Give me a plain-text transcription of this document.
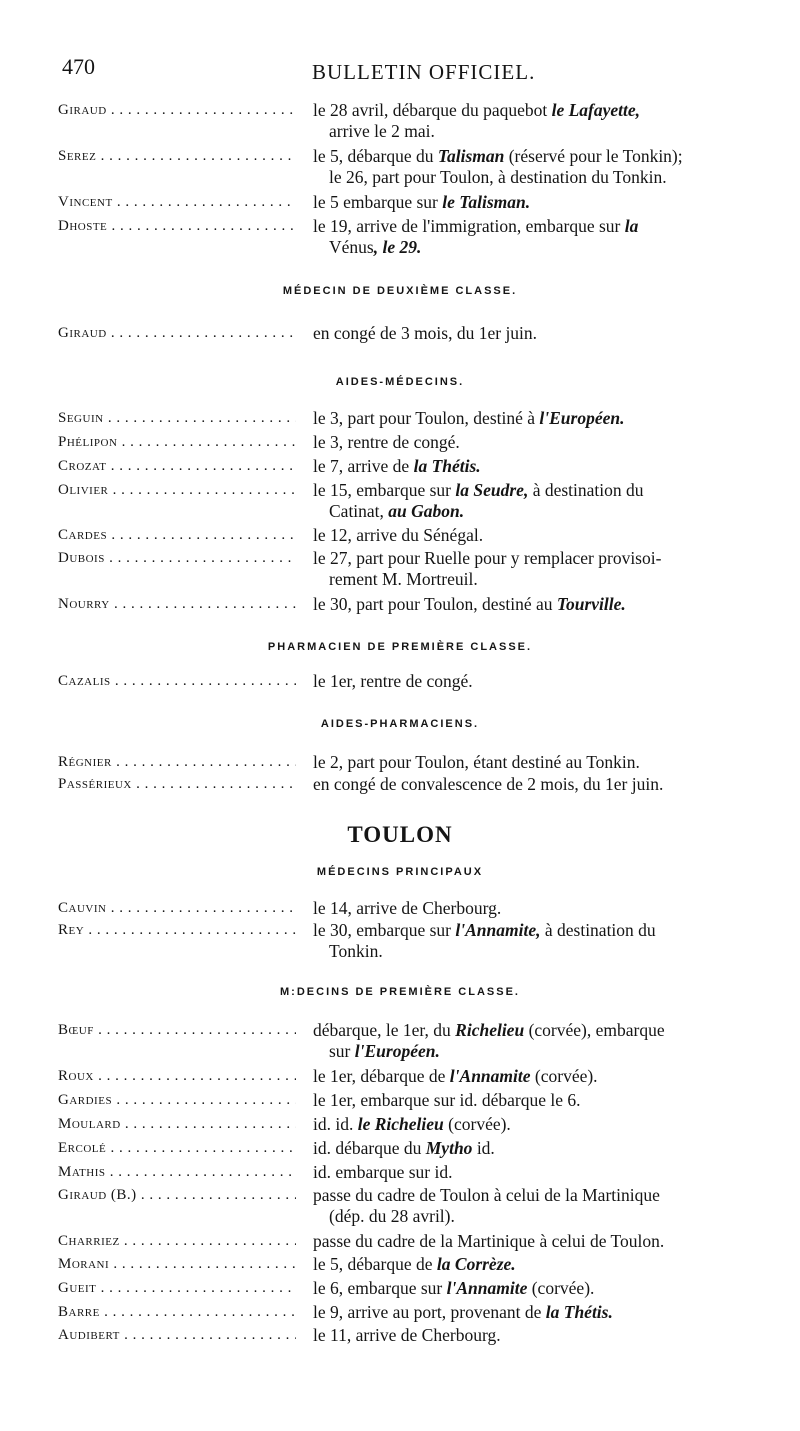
470	BULLETIN OFFICIEL.
Giraud . . .	le 28 avril, débarque du paquebot le Lafayette,
arrive le 2 mai.
Serez . . .	le 5, débarque du Talisman (réservé pour le Tonkin);
le 26, part pour Toulon, à destination du Tonkin.
Vincent . . .	le 5 embarque sur le Talisman.
Dhoste . . .	le 19, arrive de l'immigration, embarque sur la
Vénus, le 29.
MÉDECIN DE DEUXIÈME CLASSE.
Giraud . . .	en congé de 3 mois, du 1er juin.
AIDES-MÉDECINS.
Seguin . . .	le 3, part pour Toulon, destiné à l'Européen.
Phélipon . . .	le 3, rentre de congé.
Crozat . . .	le 7, arrive de la Thétis.
Olivier . . .	le 15, embarque sur la Seudre, à destination du
Catinat, au Gabon.
Cardes . . .	le 12, arrive du Sénégal.
Dubois . . .	le 27, part pour Ruelle pour y remplacer provisoi-
rement M. Mortreuil.
Nourry . . .	le 30, part pour Toulon, destiné au Tourville.
PHARMACIEN DE PREMIÈRE CLASSE.
Cazalis . . .	le 1er, rentre de congé.
AIDES-PHARMACIENS.
Régnier . . .	le 2, part pour Toulon, étant destiné au Tonkin.
Passérieux . . .	en congé de convalescence de 2 mois, du 1er juin.
TOULON
MÉDECINS PRINCIPAUX
Cauvin . . .	le 14, arrive de Cherbourg.
Rey . . .	le 30, embarque sur l'Annamite, à destination du
Tonkin.
M:DECINS DE PREMIÈRE CLASSE.
Bœuf . . .	débarque, le 1er, du Richelieu (corvée), embarque
sur l'Européen.
Roux . . .	le 1er, débarque de l'Annamite (corvée).
Gardies . . .	le 1er, embarque sur id. débarque le 6.
Moulard . . .	id. id. le Richelieu (corvée).
Ercolé . . .	id. débarque du Mytho id.
Mathis . . .	id. embarque sur id.
Giraud (B.) . . .	passe du cadre de Toulon à celui de la Martinique
(dép. du 28 avril).
Charriez . . .	passe du cadre de la Martinique à celui de Toulon.
Morani . . .	le 5, débarque de la Corrèze.
Gueit . . .	le 6, embarque sur l'Annamite (corvée).
Barre . . .	le 9, arrive au port, provenant de la Thétis.
Audibert . . .	le 11, arrive de Cherbourg.
